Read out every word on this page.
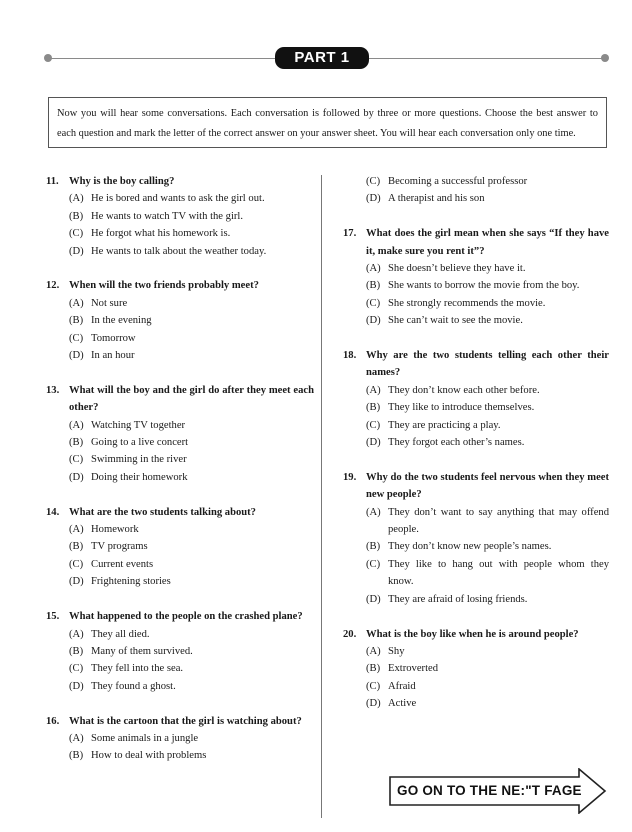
PART 1
Now you will hear some conversations. Each conversation is followed by three or more questions. Choose the best answer to each question and mark the letter of the correct answer on your answer sheet. You will hear each conversation only one time.
11. Why is the boy calling?
(A) He is bored and wants to ask the girl out.
(B) He wants to watch TV with the girl.
(C) He forgot what his homework is.
(D) He wants to talk about the weather today.
12. When will the two friends probably meet?
(A) Not sure
(B) In the evening
(C) Tomorrow
(D) In an hour
13. What will the boy and the girl do after they meet each other?
(A) Watching TV together
(B) Going to a live concert
(C) Swimming in the river
(D) Doing their homework
14. What are the two students talking about?
(A) Homework
(B) TV programs
(C) Current events
(D) Frightening stories
15. What happened to the people on the crashed plane?
(A) They all died.
(B) Many of them survived.
(C) They fell into the sea.
(D) They found a ghost.
16. What is the cartoon that the girl is watching about?
(A) Some animals in a jungle
(B) How to deal with problems
(C) Becoming a successful professor
(D) A therapist and his son
17. What does the girl mean when she says “If they have it, make sure you rent it”?
(A) She doesn’t believe they have it.
(B) She wants to borrow the movie from the boy.
(C) She strongly recommends the movie.
(D) She can’t wait to see the movie.
18. Why are the two students telling each other their names?
(A) They don’t know each other before.
(B) They like to introduce themselves.
(C) They are practicing a play.
(D) They forgot each other’s names.
19. Why do the two students feel nervous when they meet new people?
(A) They don’t want to say anything that may offend people.
(B) They don’t know new people’s names.
(C) They like to hang out with people whom they know.
(D) They are afraid of losing friends.
20. What is the boy like when he is around people?
(A) Shy
(B) Extroverted
(C) Afraid
(D) Active
GO ON TO THE NE:"T FAGE
